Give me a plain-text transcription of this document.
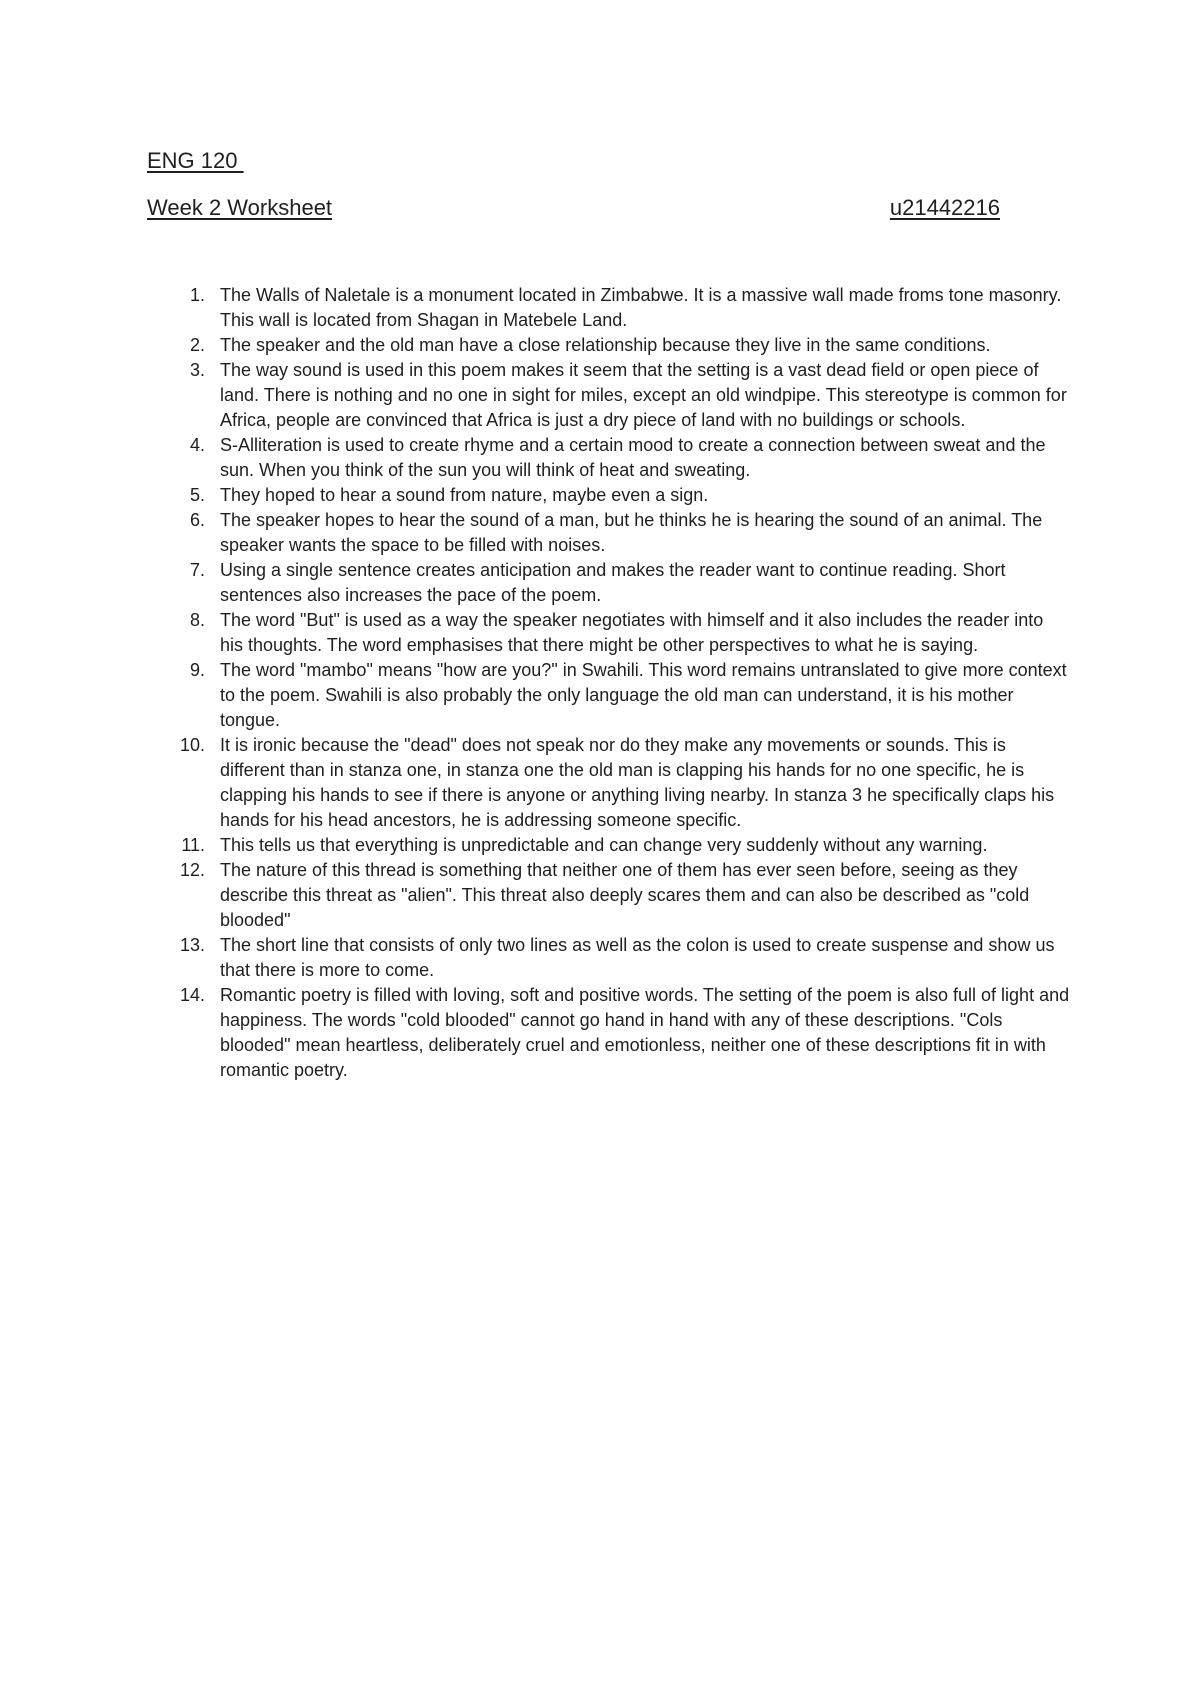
ENG 120
Week 2 Worksheet	u21442216
1. The Walls of Naletale is a monument located in Zimbabwe. It is a massive wall made froms tone masonry. This wall is located from Shagan in Matebele Land.
2. The speaker and the old man have a close relationship because they live in the same conditions.
3. The way sound is used in this poem makes it seem that the setting is a vast dead field or open piece of land. There is nothing and no one in sight for miles, except an old windpipe. This stereotype is common for Africa, people are convinced that Africa is just a dry piece of land with no buildings or schools.
4. S-Alliteration is used to create rhyme and a certain mood to create a connection between sweat and the sun. When you think of the sun you will think of heat and sweating.
5. They hoped to hear a sound from nature, maybe even a sign.
6. The speaker hopes to hear the sound of a man, but he thinks he is hearing the sound of an animal. The speaker wants the space to be filled with noises.
7. Using a single sentence creates anticipation and makes the reader want to continue reading. Short sentences also increases the pace of the poem.
8. The word "But" is used as a way the speaker negotiates with himself and it also includes the reader into his thoughts. The word emphasises that there might be other perspectives to what he is saying.
9. The word "mambo" means "how are you?" in Swahili. This word remains untranslated to give more context to the poem. Swahili is also probably the only language the old man can understand, it is his mother tongue.
10. It is ironic because the "dead" does not speak nor do they make any movements or sounds. This is different than in stanza one, in stanza one the old man is clapping his hands for no one specific, he is clapping his hands to see if there is anyone or anything living nearby. In stanza 3 he specifically claps his hands for his head ancestors, he is addressing someone specific.
11. This tells us that everything is unpredictable and can change very suddenly without any warning.
12. The nature of this thread is something that neither one of them has ever seen before, seeing as they describe this threat as "alien". This threat also deeply scares them and can also be described as "cold blooded"
13. The short line that consists of only two lines as well as the colon is used to create suspense and show us that there is more to come.
14. Romantic poetry is filled with loving, soft and positive words. The setting of the poem is also full of light and happiness. The words "cold blooded" cannot go hand in hand with any of these descriptions. "Cols blooded" mean heartless, deliberately cruel and emotionless, neither one of these descriptions fit in with romantic poetry.
